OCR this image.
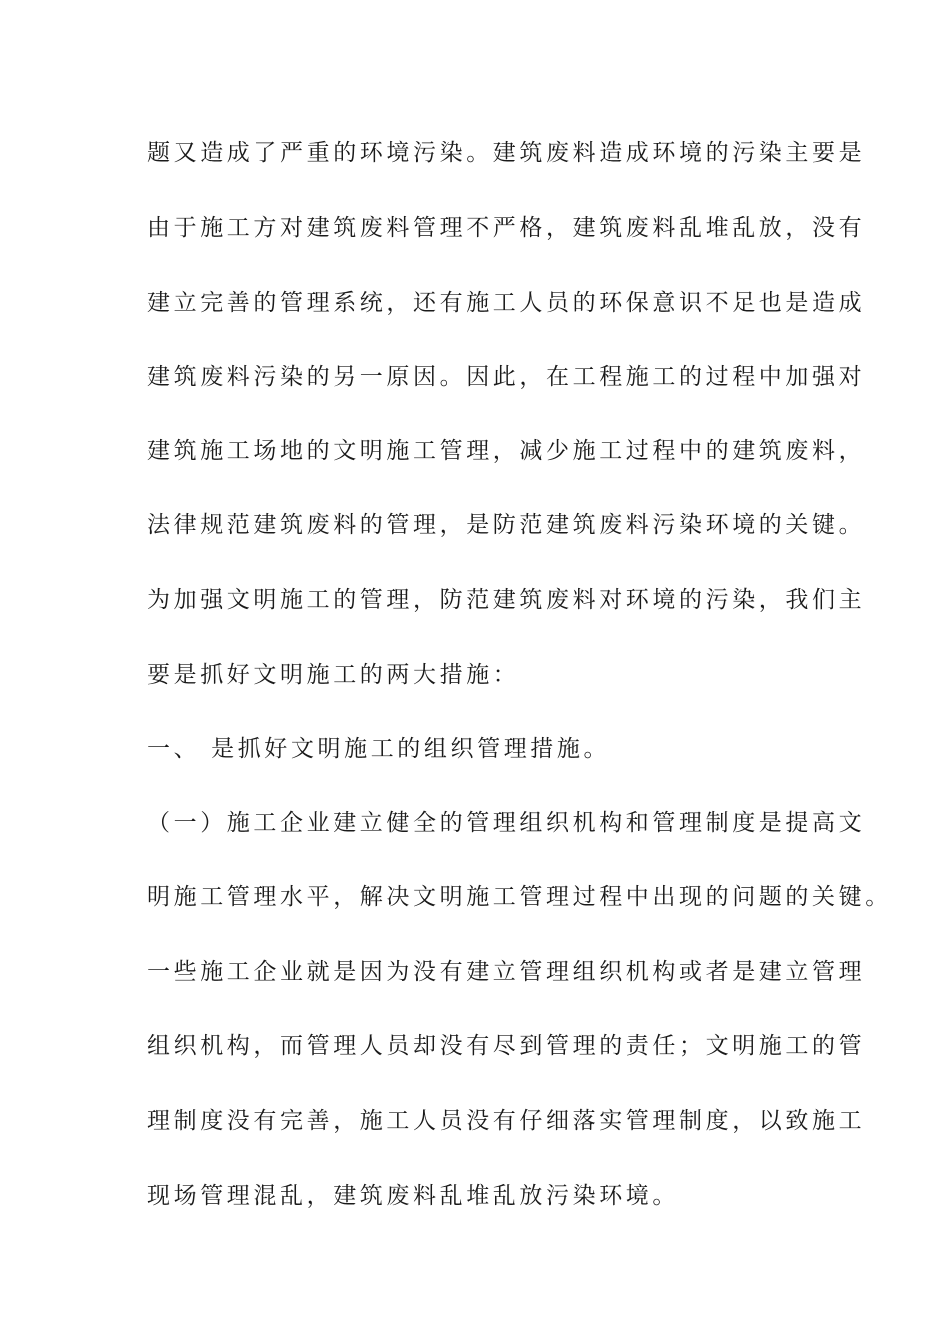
题又造成了严重的环境污染。建筑废料造成环境的污染主要是
由于施工方对建筑废料管理不严格，建筑废料乱堆乱放，没有
建立完善的管理系统，还有施工人员的环保意识不足也是造成
建筑废料污染的另一原因。因此，在工程施工的过程中加强对
建筑施工场地的文明施工管理，减少施工过程中的建筑废料，
法律规范建筑废料的管理，是防范建筑废料污染环境的关键。
为加强文明施工的管理，防范建筑废料对环境的污染，我们主
要是抓好文明施工的两大措施：
一、 是抓好文明施工的组织管理措施。
（一）施工企业建立健全的管理组织机构和管理制度是提高文
明施工管理水平，解决文明施工管理过程中出现的问题的关键。
一些施工企业就是因为没有建立管理组织机构或者是建立管理
组织机构，而管理人员却没有尽到管理的责任；文明施工的管
理制度没有完善，施工人员没有仔细落实管理制度，以致施工
现场管理混乱，建筑废料乱堆乱放污染环境。
